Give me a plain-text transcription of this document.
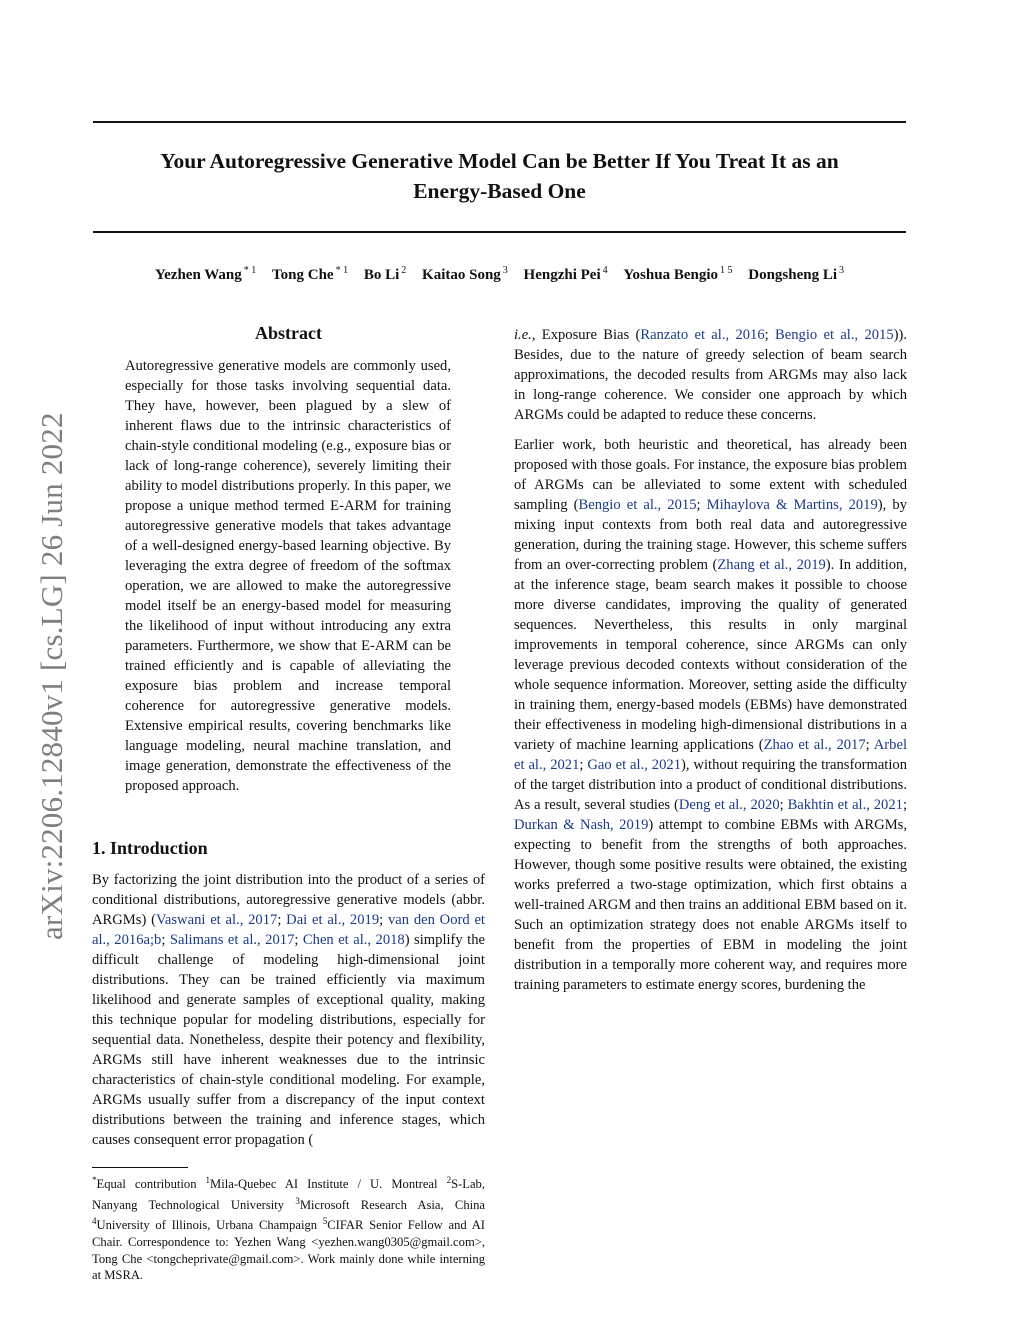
Your Autoregressive Generative Model Can be Better If You Treat It as an
Energy-Based One
Yezhen Wang $^{* 1}$ Tong Che $^{* 1}$ Bo Li $^2$ Kaitao Song $^3$ Hengzhi Pei $^4$ Yoshua Bengio $^{1 5}$ Dongsheng Li $^3$
arXiv:2206.12840v1 [cs.LG] 26 Jun 2022
Abstract

Autoregressive generative models are commonly used, especially for those tasks involving sequential data. They have, however, been plagued by a slew of inherent flaws due to the intrinsic characteristics of chain-style conditional modeling (e.g., exposure bias or lack of long-range coherence), severely limiting their ability to model distributions properly. In this paper, we propose a unique method termed E-ARM for training autoregressive generative models that takes advantage of a well-designed energy-based learning objective. By leveraging the extra degree of freedom of the softmax operation, we are allowed to make the autoregressive model itself be an energy-based model for measuring the likelihood of input without introducing any extra parameters. Furthermore, we show that E-ARM can be trained efficiently and is capable of alleviating the exposure bias problem and increase temporal coherence for autoregressive generative models. Extensive empirical results, covering benchmarks like language modeling, neural machine translation, and image generation, demonstrate the effectiveness of the proposed approach.

1. Introduction

By factorizing the joint distribution into the product of a series of conditional distributions, autoregressive generative models (abbr. ARGMs) (Vaswani et al., 2017; Dai et al., 2019; van den Oord et al., 2016a;b; Salimans et al., 2017; Chen et al., 2018) simplify the difficult challenge of modeling high-dimensional joint distributions. They can be trained efficiently via maximum likelihood and generate samples of exceptional quality, making this technique popular for modeling distributions, especially for sequential data. Nonetheless, despite their potency and flexibility, ARGMs still have inherent weaknesses due to the intrinsic characteristics of chain-style conditional modeling. For example, ARGMs usually suffer from a discrepancy of the input context distributions between the training and inference stages, which causes consequent error propagation (

*Equal contribution $^1$Mila-Quebec AI Institute / U. Montreal $^2$S-Lab, Nanyang Technological University $^3$Microsoft Research Asia, China $^4$University of Illinois, Urbana Champaign $^5$CIFAR Senior Fellow and AI Chair. Correspondence to: Yezhen Wang <yezhen.wang0305@gmail.com>, Tong Che <tongcheprivate@gmail.com>. Work mainly done while interning at MSRA.

i.e., Exposure Bias (Ranzato et al., 2016; Bengio et al., 2015)). Besides, due to the nature of greedy selection of beam search approximations, the decoded results from ARGMs may also lack in long-range coherence. We consider one approach by which ARGMs could be adapted to reduce these concerns.

Earlier work, both heuristic and theoretical, has already been proposed with those goals. For instance, the exposure bias problem of ARGMs can be alleviated to some extent with scheduled sampling (Bengio et al., 2015; Mihaylova & Martins, 2019), by mixing input contexts from both real data and autoregressive generation, during the training stage. However, this scheme suffers from an over-correcting problem (Zhang et al., 2019). In addition, at the inference stage, beam search makes it possible to choose more diverse candidates, improving the quality of generated sequences. Nevertheless, this results in only marginal improvements in temporal coherence, since ARGMs can only leverage previous decoded contexts without consideration of the whole sequence information. Moreover, setting aside the difficulty in training them, energy-based models (EBMs) have demonstrated their effectiveness in modeling high-dimensional distributions in a variety of machine learning applications (Zhao et al., 2017; Arbel et al., 2021; Gao et al., 2021), without requiring the transformation of the target distribution into a product of conditional distributions. As a result, several studies (Deng et al., 2020; Bakhtin et al., 2021; Durkan & Nash, 2019) attempt to combine EBMs with ARGMs, expecting to benefit from the strengths of both approaches. However, though some positive results were obtained, the existing works preferred a two-stage optimization, which first obtains a well-trained ARGM and then trains an additional EBM based on it. Such an optimization strategy does not enable ARGMs itself to benefit from the properties of EBM in modeling the joint distribution in a temporally more coherent way, and requires more training parameters to estimate energy scores, burdening the
